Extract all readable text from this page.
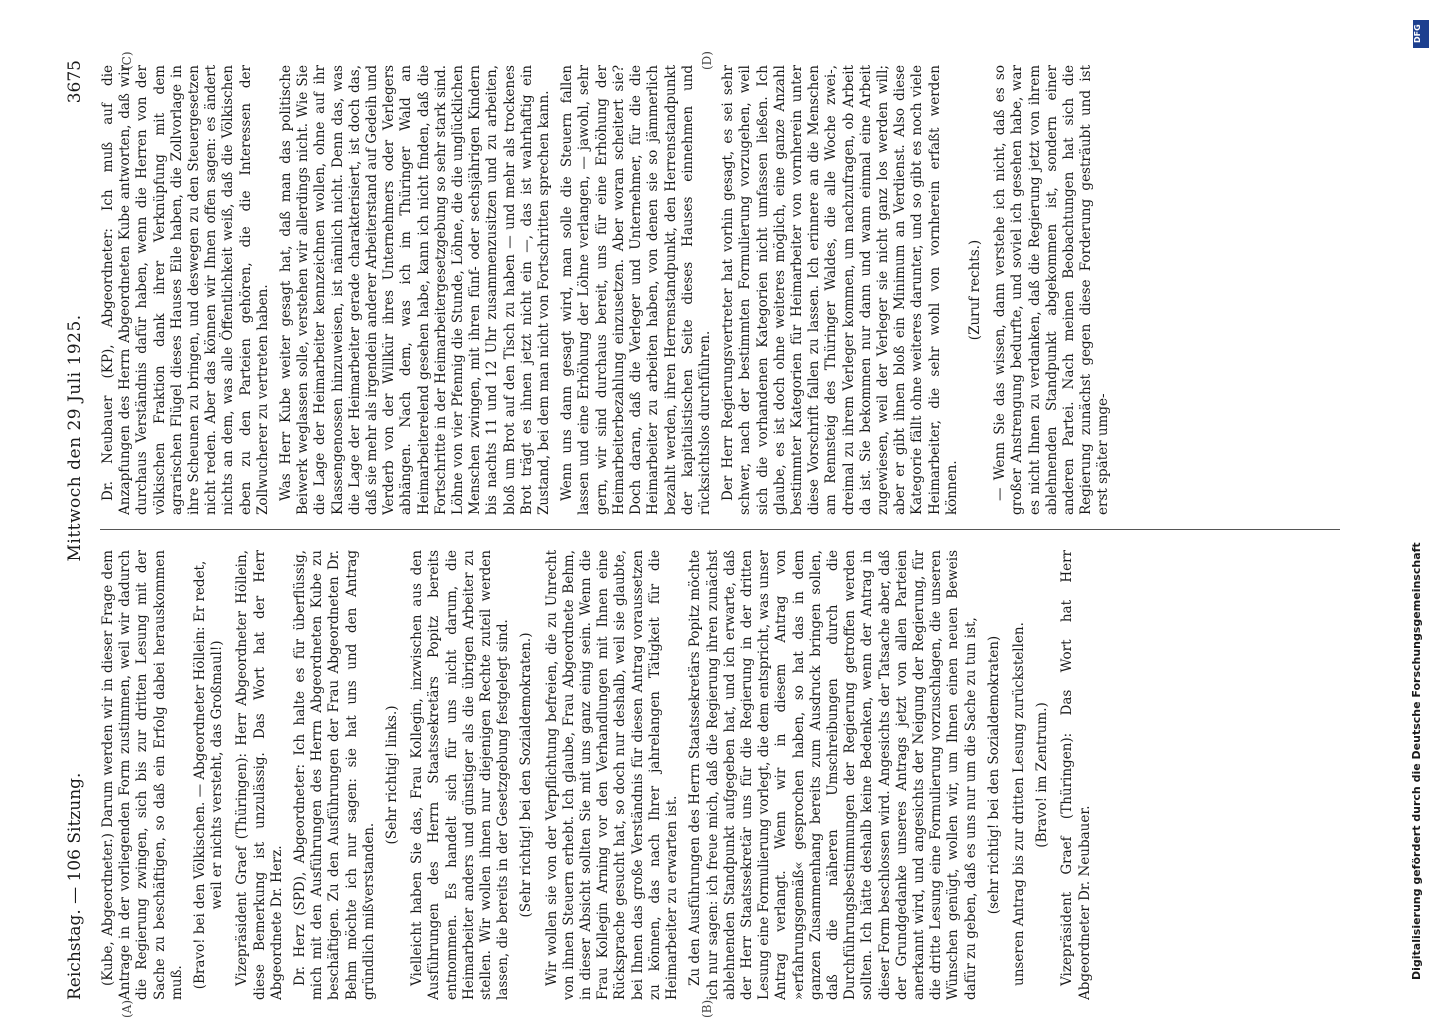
Reichstag. — 106 Sitzung.
Mittwoch den 29 Juli 1925.
3675

(Kube, Abgeordneter.) Darum werden wir in dieser Frage dem Antrage in der vorliegenden Form zustimmen, weil wir dadurch die Regierung zwingen, sich bis zur dritten Lesung mit der Sache zu beschäftigen, so daß ein Erfolg dabei herauskommen muß. (Bravo! bei den Völkischen. — Abgeordneter Höllein: Er redet, weil er nichts versteht, das Großmaul!) Vizepräsident Graef (Thüringen): Herr Abgeordneter Höllein, diese Bemerkung ist unzulässig. Das Wort hat der Herr Abgeordnete Dr. Herz. Dr. Herz (SPD), Abgeordneter: Ich halte es für überflüssig, mich mit den Ausführungen des Herrn Abgeordneten Kube zu beschäftigen. Zu den Ausführungen der Frau Abgeordneten Dr. Behm möchte ich nur sagen: sie hat uns und den Antrag gründlich mißverstanden.

(Sehr richtig! links.) Vielleicht haben Sie das, Frau Kollegin, inzwischen aus den Ausführungen des Herrn Staatssekretärs Popitz bereits entnommen. Es handelt sich für uns nicht darum, die Heimarbeiter anders und günstiger als die übrigen Arbeiter zu stellen. Wir wollen ihnen nur diejenigen Rechte zuteil werden lassen, die bereits in der Gesetzgebung festgelegt sind. (Sehr richtig! bei den Sozialdemokraten.) Wir wollen sie von der Verpflichtung befreien, die zu Unrecht von ihnen Steuern erhebt. Ich glaube, Frau Abgeordnete Behm, in dieser Absicht sollten Sie mit uns ganz einig sein. Wenn die Frau Kollegin Arning vor den Verhandlungen mit Ihnen eine Rücksprache gesucht hat, so doch nur deshalb, weil sie glaubte, bei Ihnen das große Verständnis für diesen Antrag voraussetzen zu können, das nach Ihrer jahrelangen Tätigkeit für die Heimarbeiter zu erwarten ist. Zu den Ausführungen des Herrn Staatssekretärs Popitz möchte ich nur sagen: ich freue mich, daß die Regierung ihren zunächst ablehnenden Standpunkt aufgegeben hat, und ich erwarte, daß der Herr Staatssekretär uns für die Regierung in der dritten Lesung eine Formulierung vorlegt, die dem entspricht, was unser Antrag verlangt. Wenn wir in diesem Antrag von »erfahrungsgemäß« gesprochen haben, so hat das in dem ganzen Zusammenhang bereits zum Ausdruck bringen sollen, daß die näheren Umschreibungen durch die Durchführungsbestimmungen der Regierung getroffen werden sollten. Ich hätte deshalb keine Bedenken, wenn der Antrag in dieser Form beschlossen wird. Angesichts der Tatsache aber, daß der Grundgedanke unseres Antrags jetzt von allen Parteien anerkannt wird, und angesichts der Neigung der Regierung, für die dritte Lesung eine Formulierung vorzuschlagen, die unseren Wünschen genügt, wollen wir, um Ihnen einen neuen Beweis dafür zu geben, daß es uns nur um die Sache zu tun ist, (sehr richtig! bei den Sozialdemokraten) unseren Antrag bis zur dritten Lesung zurückstellen. (Bravo! im Zentrum.) Vizepräsident Graef (Thüringen): Das Wort hat Herr Abgeordneter Dr. Neubauer.

Dr. Neubauer (KP), Abgeordneter: Ich muß auf die Anzapfungen des Herrn Abgeordneten Kube antworten, daß wir durchaus Verständnis dafür haben, wenn die Herren von der völkischen Fraktion dank ihrer Verknüpfung mit dem agrarischen Flügel dieses Hauses Eile haben, die Zollvorlage in ihre Scheunen zu bringen, und deswegen zu den Steuergesetzen nicht reden. Aber das können wir Ihnen offen sagen: es ändert nichts an dem, was alle Öffentlichkeit weiß, daß die Völkischen eben zu den Parteien gehören, die die Interessen der Zollwucherer zu vertreten haben. Was Herr Kube weiter gesagt hat, daß man das politische Beiwerk weglassen solle, verstehen wir allerdings nicht. Wie Sie die Lage der Heimarbeiter kennzeichnen wollen, ohne auf ihr Klassengenossen hinzuweisen, ist nämlich nicht. Denn das, was die Lage der Heimarbeiter gerade charakterisiert, ist doch das, daß sie mehr als irgendein anderer Arbeiterstand auf Gedeih und Verderb von der Willkür ihres Unternehmers oder Verlegers abhängen. Nach dem, was ich im Thüringer Wald an Heimarbeiterelend gesehen habe, kann ich nicht finden, daß die Fortschritte in der Heimarbeitergesetzgebung so sehr stark sind. Löhne von vier Pfennig die Stunde, Löhne, die die unglücklichen Menschen zwingen, mit ihren fünf- oder sechsjährigen Kindern bis nachts 11 und 12 Uhr zusammenzusitzen und zu arbeiten, bloß um Brot auf den Tisch zu haben — und mehr als trockenes Brot trägt es ihnen jetzt nicht ein —, das ist wahrhaftig ein Zustand, bei dem man nicht von Fortschritten sprechen kann. Wenn uns dann gesagt wird, man solle die Steuern fallen lassen und eine Erhöhung der Löhne verlangen, — jawohl, sehr gern, wir sind durchaus bereit, uns für eine Erhöhung der Heimarbeiterbezahlung einzusetzen. Aber woran scheitert sie? Doch daran, daß die Verleger und Unternehmer, für die die Heimarbeiter zu arbeiten haben, von denen sie so jämmerlich bezahlt werden, ihren Herrenstandpunkt, den Herrenstandpunkt der kapitalistischen Seite dieses Hauses einnehmen und rücksichtslos durchführen. Der Herr Regierungsvertreter hat vorhin gesagt, es sei sehr schwer, nach der bestimmten Formulierung vorzugehen, weil sich die vorhandenen Kategorien nicht umfassen ließen. Ich glaube, es ist doch ohne weiteres möglich, eine ganze Anzahl bestimmter Kategorien für Heimarbeiter von vornherein unter diese Vorschrift fallen zu lassen. Ich erinnere an die Menschen am Rennsteig des Thüringer Waldes, die alle Woche zwei-, dreimal zu ihrem Verleger kommen, um nachzufragen, ob Arbeit da ist. Sie bekommen nur dann und wann einmal eine Arbeit zugewiesen, weil der Verleger sie nicht ganz los werden will; aber er gibt ihnen bloß ein Minimum an Verdienst. Also diese Kategorie fällt ohne weiteres darunter, und so gibt es noch viele Heimarbeiter, die sehr wohl von vornherein erfaßt werden können.

(Zuruf rechts.) — Wenn Sie das wissen, dann verstehe ich nicht, daß es so großer Anstrengung bedurfte, und soviel ich gesehen habe, war es nicht Ihnen zu verdanken, daß die Regierung jetzt von ihrem ablehnenden Standpunkt abgekommen ist, sondern einer anderen Partei. Nach meinen Beobachtungen hat sich die Regierung zunächst gegen diese Forderung gesträubt und ist erst später umge-

(A)	(B)
(C)	(D)
DFG
Digitalisierung gefördert durch die Deutsche Forschungsgemeinschaft
